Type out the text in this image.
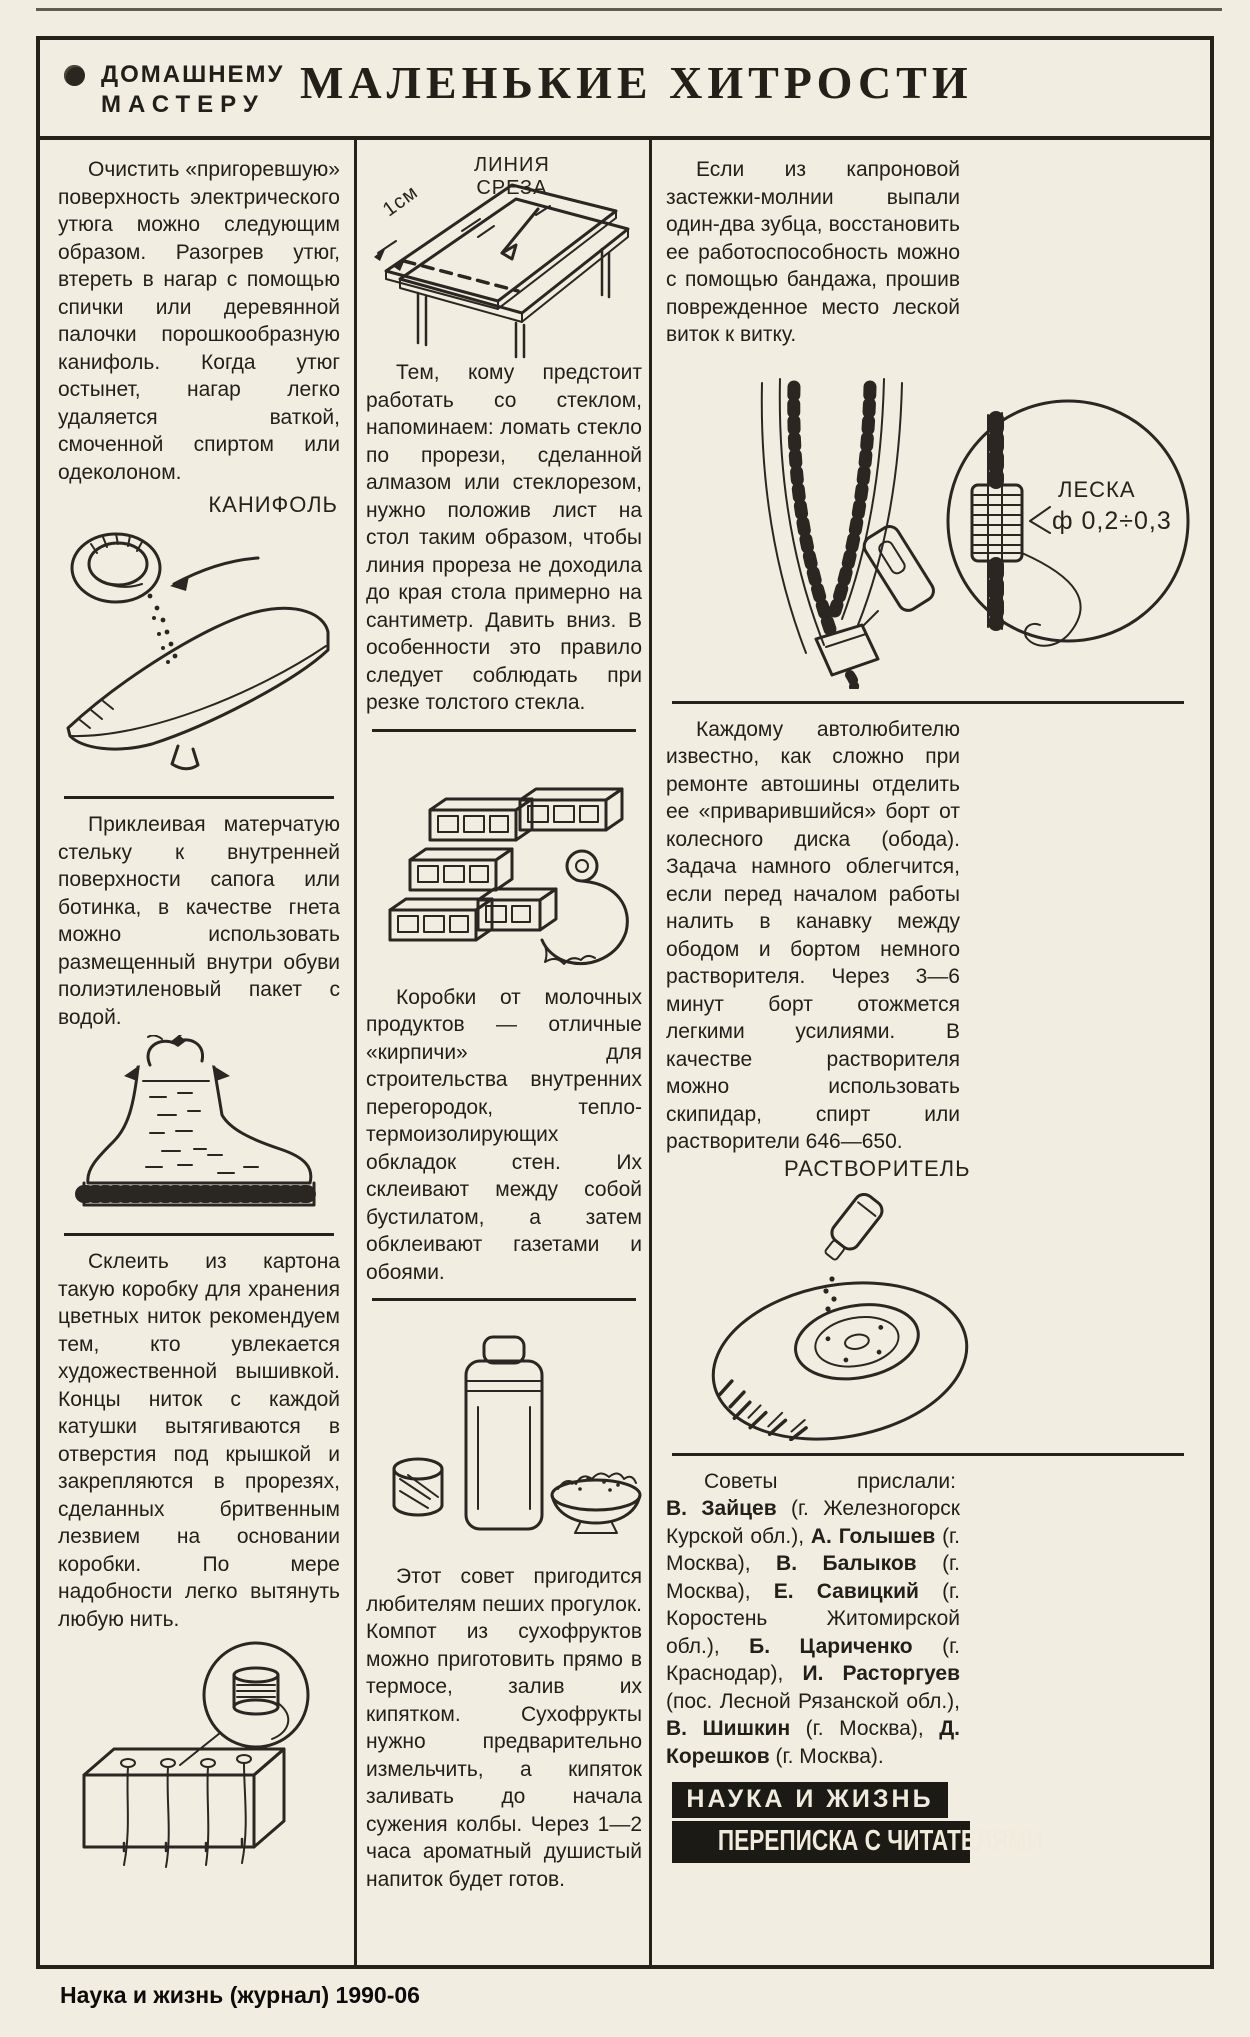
ДОМАШНЕМУ
МАСТЕРУ МАЛЕНЬКИЕ ХИТРОСТИ

Очистить «пригоревшую» поверхность электрического утюга можно следующим образом. Разогрев утюг, втереть в нагар с помощью спички или деревянной палочки порошкообразную канифоль. Когда утюг остынет, нагар легко удаляется ваткой, смоченной спиртом или одеколоном.

КАНИФОЛЬ

Приклеивая матерчатую стельку к внутренней поверхности сапога или ботинка, в качестве гнета можно использовать размещенный внутри обуви полиэтиленовый пакет с водой.

Склеить из картона такую коробку для хранения цветных ниток рекомендуем тем, кто увлекается художественной вышивкой. Концы ниток с каждой катушки вытягиваются в отверстия под крышкой и закрепляются в прорезях, сделанных бритвенным лезвием на основании коробки. По мере надобности легко вытянуть любую нить.

1см
ЛИНИЯ
СРЕЗА

Тем, кому предстоит работать со стеклом, напоминаем: ломать стекло по прорези, сделанной алмазом или стеклорезом, нужно положив лист на стол таким образом, чтобы линия прореза не доходила до края стола примерно на сантиметр. Давить вниз. В особенности это правило следует соблюдать при резке толстого стекла.

Коробки от молочных продуктов — отличные «кирпичи» для строительства внутренних перегородок, тепло-термоизолирующих обкладок стен. Их склеивают между собой бустилатом, а затем обклеивают газетами и обоями.

Этот совет пригодится любителям пеших прогулок. Компот из сухофруктов можно приготовить прямо в термосе, залив их кипятком. Сухофрукты нужно предварительно измельчить, а кипяток заливать до начала сужения колбы. Через 1—2 часа ароматный душистый напиток будет готов.

Если из капроновой застежки-молнии выпали один-два зубца, восстановить ее работоспособность можно с помощью бандажа, прошив поврежденное место леской виток к витку.

ЛЕСКА
ф 0,2÷0,3

Каждому автолюбителю известно, как сложно при ремонте автошины отделить ее «приварившийся» борт от колесного диска (обода). Задача намного облегчится, если перед началом работы налить в канавку между ободом и бортом немного растворителя. Через 3—6 минут борт отожмется легкими усилиями. В качестве растворителя можно использовать скипидар, спирт или растворители 646—650.

РАСТВОРИТЕЛЬ

Советы прислали:
В. Зайцев (г. Железногорск Курской обл.), А. Голышев (г. Москва), В. Балыков (г. Москва), Е. Савицкий (г. Коростень Житомирской обл.), Б. Цариченко (г. Краснодар), И. Расторгуев (пос. Лесной Рязанской обл.), В. Шишкин (г. Москва), Д. Корешков (г. Москва).

НАУКА И ЖИЗНЬ
ПЕРЕПИСКА С ЧИТАТЕЛЯМИ
Наука и жизнь (журнал) 1990-06
